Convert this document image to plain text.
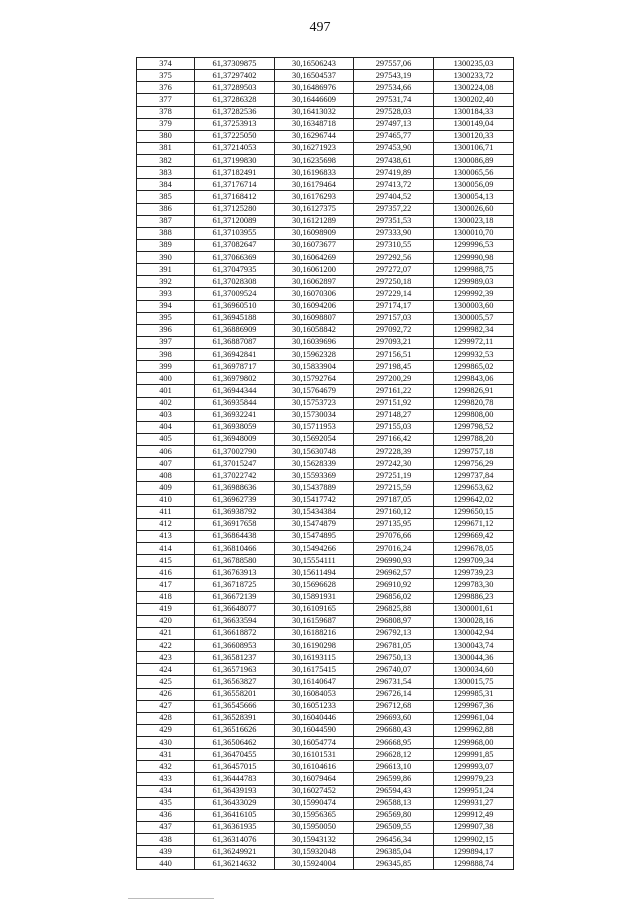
497
374	61,37309875	30,16506243	297557,06	1300235,03
375	61,37297402	30,16504537	297543,19	1300233,72
376	61,37289503	30,16486976	297534,66	1300224,08
377	61,37286328	30,16446609	297531,74	1300202,40
378	61,37282536	30,16413032	297528,03	1300184,33
379	61,37253913	30,16348718	297497,13	1300149,04
380	61,37225050	30,16296744	297465,77	1300120,33
381	61,37214053	30,16271923	297453,90	1300106,71
382	61,37199830	30,16235698	297438,61	1300086,89
383	61,37182491	30,16196833	297419,89	1300065,56
384	61,37176714	30,16179464	297413,72	1300056,09
385	61,37168412	30,16176293	297404,52	1300054,13
386	61,37125280	30,16127375	297357,22	1300026,60
387	61,37120089	30,16121289	297351,53	1300023,18
388	61,37103955	30,16098909	297333,90	1300010,70
389	61,37082647	30,16073677	297310,55	1299996,53
390	61,37066369	30,16064269	297292,56	1299990,98
391	61,37047935	30,16061200	297272,07	1299988,75
392	61,37028308	30,16062897	297250,18	1299989,03
393	61,37009524	30,16070306	297229,14	1299992,39
394	61,36960510	30,16094206	297174,17	1300003,60
395	61,36945188	30,16098807	297157,03	1300005,57
396	61,36886909	30,16058842	297092,72	1299982,34
397	61,36887087	30,16039696	297093,21	1299972,11
398	61,36942841	30,15962328	297156,51	1299932,53
399	61,36978717	30,15833904	297198,45	1299865,02
400	61,36979802	30,15792764	297200,29	1299843,06
401	61,36944344	30,15764679	297161,22	1299826,91
402	61,36935844	30,15753723	297151,92	1299820,78
403	61,36932241	30,15730034	297148,27	1299808,00
404	61,36938059	30,15711953	297155,03	1299798,52
405	61,36948009	30,15692054	297166,42	1299788,20
406	61,37002790	30,15630748	297228,39	1299757,18
407	61,37015247	30,15628339	297242,30	1299756,29
408	61,37022742	30,15593369	297251,19	1299737,84
409	61,36988636	30,15437889	297215,59	1299653,62
410	61,36962739	30,15417742	297187,05	1299642,02
411	61,36938792	30,15434384	297160,12	1299650,15
412	61,36917658	30,15474879	297135,95	1299671,12
413	61,36864438	30,15474895	297076,66	1299669,42
414	61,36810466	30,15494266	297016,24	1299678,05
415	61,36788580	30,15554111	296990,93	1299709,34
416	61,36763913	30,15611494	296962,57	1299739,23
417	61,36718725	30,15696628	296910,92	1299783,30
418	61,36672139	30,15891931	296856,02	1299886,23
419	61,36648077	30,16109165	296825,88	1300001,61
420	61,36633594	30,16159687	296808,97	1300028,16
421	61,36618872	30,16188216	296792,13	1300042,94
422	61,36608953	30,16190298	296781,05	1300043,74
423	61,36581237	30,16193115	296750,13	1300044,36
424	61,36571963	30,16175415	296740,07	1300034,60
425	61,36563827	30,16140647	296731,54	1300015,75
426	61,36558201	30,16084053	296726,14	1299985,31
427	61,36545666	30,16051233	296712,68	1299967,36
428	61,36528391	30,16040446	296693,60	1299961,04
429	61,36516626	30,16044590	296680,43	1299962,88
430	61,36506462	30,16054774	296668,95	1299968,00
431	61,36470455	30,16101531	296628,12	1299991,85
432	61,36457015	30,16104616	296613,10	1299993,07
433	61,36444783	30,16079464	296599,86	1299979,23
434	61,36439193	30,16027452	296594,43	1299951,24
435	61,36433029	30,15990474	296588,13	1299931,27
436	61,36416105	30,15956365	296569,80	1299912,49
437	61,36361935	30,15950050	296509,55	1299907,38
438	61,36314076	30,15943132	296456,34	1299902,15
439	61,36249921	30,15932048	296385,04	1299894,17
440	61,36214632	30,15924004	296345,85	1299888,74
